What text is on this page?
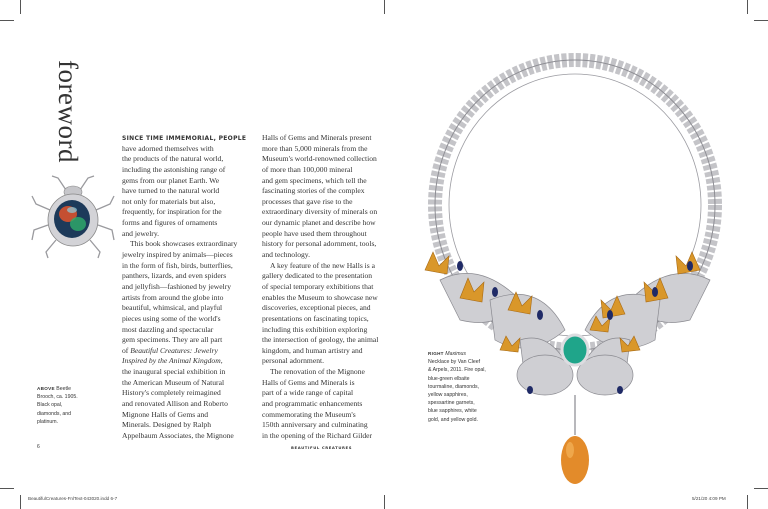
foreword
ABOVE Beetle
Brooch, ca. 1905.
Black opal,
diamonds, and
platinum.
SINCE TIME IMMEMORIAL, PEOPLE
have adorned themselves with
the products of the natural world,
including the astonishing range of
gems from our planet Earth. We
have turned to the natural world
not only for materials but also,
frequently, for inspiration for the
forms and figures of ornaments
and jewelry.
This book showcases extraordinary
jewelry inspired by animals—pieces
in the form of fish, birds, butterflies,
panthers, lizards, and even spiders
and jellyfish—fashioned by jewelry
artists from around the globe into
beautiful, whimsical, and playful
pieces using some of the world's
most dazzling and spectacular
gem specimens. They are all part
of Beautiful Creatures: Jewelry
Inspired by the Animal Kingdom,
the inaugural special exhibition in
the American Museum of Natural
History's completely reimagined
and renovated Allison and Roberto
Mignone Halls of Gems and
Minerals. Designed by Ralph
Appelbaum Associates, the Mignone
Halls of Gems and Minerals present
more than 5,000 minerals from the
Museum's world-renowned collection
of more than 100,000 mineral
and gem specimens, which tell the
fascinating stories of the complex
processes that gave rise to the
extraordinary diversity of minerals on
our dynamic planet and describe how
people have used them throughout
history for personal adornment, tools,
and technology.
A key feature of the new Halls is a
gallery dedicated to the presentation
of special temporary exhibitions that
enables the Museum to showcase new
discoveries, exceptional pieces, and
presentations on fascinating topics,
including this exhibition exploring
the intersection of geology, the animal
kingdom, and human artistry and
personal adornment.
The renovation of the Mignone
Halls of Gems and Minerals is
part of a wide range of capital
and programmatic enhancements
commemorating the Museum's
150th anniversary and culminating
in the opening of the Richard Gilder
6	BEAUTIFUL CREATURES
RIGHT Maximus
Necklace by Van Cleef
& Arpels, 2011. Fire opal,
blue-green elbaite
tourmaline, diamonds,
yellow sapphires,
spessartine garnets,
blue sapphires, white
gold, and yellow gold.
BeautifulCreatures-FnlText-043020.indd 6-7	5/21/20 4:09 PM
